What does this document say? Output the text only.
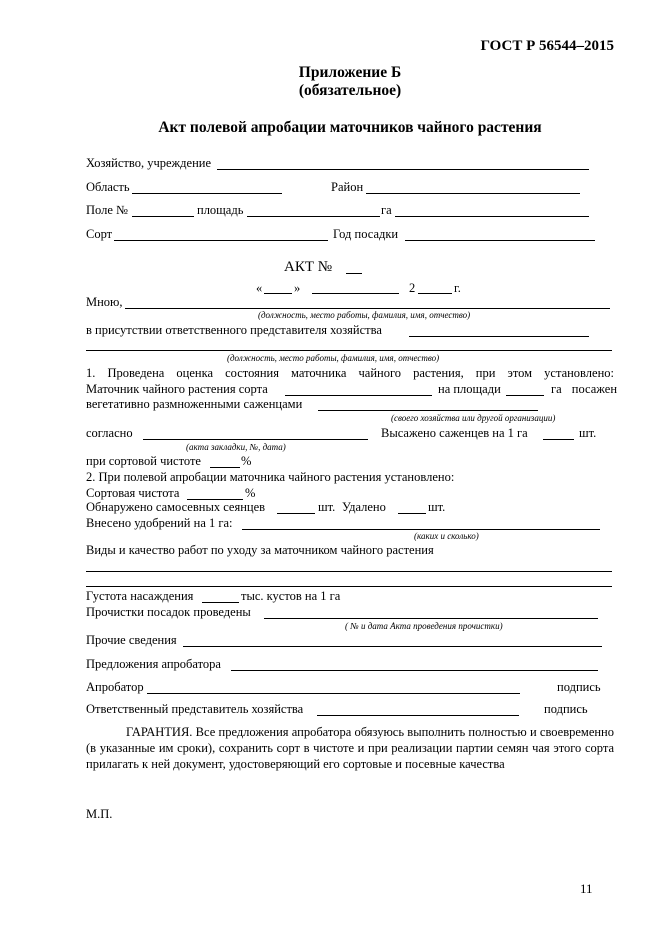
ГОСТ Р 56544–2015
Приложение Б
(обязательное)
Акт полевой апробации маточников чайного растения
Хозяйство, учреждение
Область	Район
Поле №	площадь	га
Сорт	Год посадки
АКТ №
«	»	2	г.
Мною,
(должность, место работы, фамилия, имя, отчество)
в присутствии ответственного представителя хозяйства
(должность, место работы, фамилия, имя, отчество)
1. Проведена оценка состояния маточника чайного растения, при этом установлено:
Маточник чайного растения сорта	на площади	га посажен
вегетативно размноженными саженцами
(своего хозяйства или другой организации)
согласно	Высажено саженцев на 1 га	шт.
(акта закладки, №, дата)
при сортовой чистоте	%
2. При полевой апробации маточника чайного растения установлено:
Сортовая чистота	%
Обнаружено самосевных сеянцев	шт. Удалено	шт.
Внесено удобрений на 1 га:
(каких и сколько)
Виды и качество работ по уходу за маточником чайного растения
Густота насаждения	тыс. кустов на 1 га
Прочистки посадок проведены
( № и дата Акта проведения прочистки)
Прочие сведения
Предложения апробатора
Апробатор	подпись
Ответственный представитель хозяйства	подпись
ГАРАНТИЯ. Все предложения апробатора обязуюсь выполнить полностью и своевременно (в указанные им сроки), сохранить сорт в чистоте и при реализации партии семян чая этого сорта прилагать к ней документ, удостоверяющий его сортовые и посевные качества
М.П.
11
